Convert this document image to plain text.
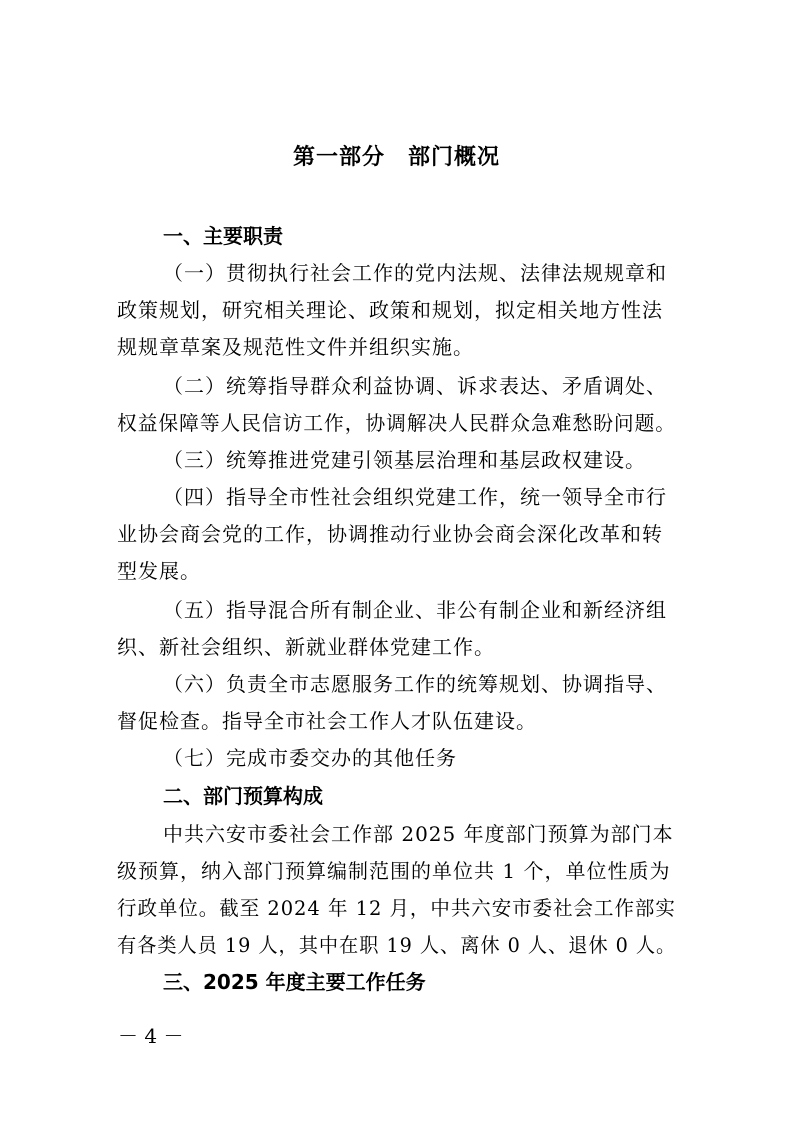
第一部分　部门概况
一、主要职责
（一）贯彻执行社会工作的党内法规、法律法规规章和
政策规划，研究相关理论、政策和规划，拟定相关地方性法
规规章草案及规范性文件并组织实施。
（二）统筹指导群众利益协调、诉求表达、矛盾调处、
权益保障等人民信访工作，协调解决人民群众急难愁盼问题。
（三）统筹推进党建引领基层治理和基层政权建设。
（四）指导全市性社会组织党建工作，统一领导全市行
业协会商会党的工作，协调推动行业协会商会深化改革和转
型发展。
（五）指导混合所有制企业、非公有制企业和新经济组
织、新社会组织、新就业群体党建工作。
（六）负责全市志愿服务工作的统筹规划、协调指导、
督促检查。指导全市社会工作人才队伍建设。
（七）完成市委交办的其他任务
二、部门预算构成
中共六安市委社会工作部 2025 年度部门预算为部门本
级预算，纳入部门预算编制范围的单位共 1 个，单位性质为
行政单位。截至 2024 年 12 月，中共六安市委社会工作部实
有各类人员 19 人，其中在职 19 人、离休 0 人、退休 0 人。
三、2025 年度主要工作任务
－ 4 －
